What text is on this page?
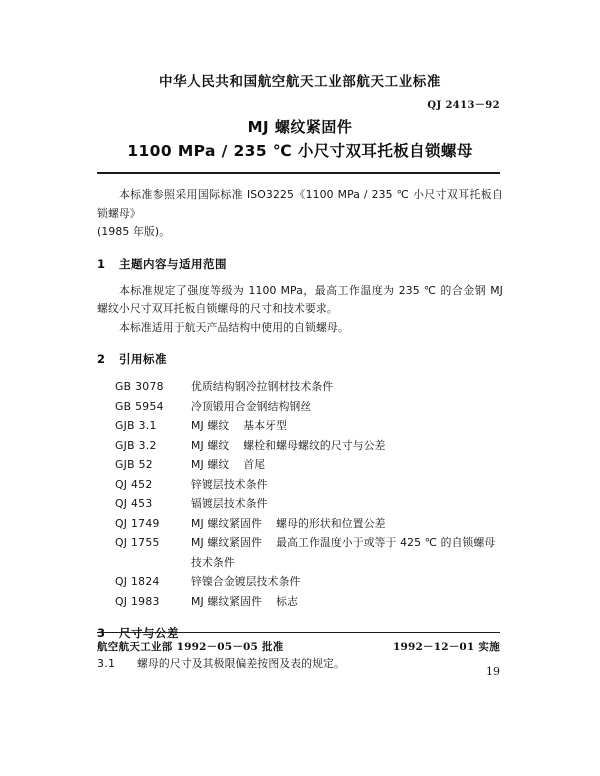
中华人民共和国航空航天工业部航天工业标准
QJ 2413－92
MJ 螺纹紧固件
1100 MPa / 235 ℃ 小尺寸双耳托板自锁螺母

本标准参照采用国际标准 ISO3225《1100 MPa / 235 ℃ 小尺寸双耳托板自锁螺母》

(1985 年版)。

1 主题内容与适用范围

本标准规定了强度等级为 1100 MPa，最高工作温度为 235 ℃ 的合金钢 MJ 螺纹小尺寸双耳托板自锁螺母的尺寸和技术要求。

本标准适用于航天产品结构中使用的自锁螺母。

2 引用标准
GB 3078	优质结构钢冷拉钢材技术条件
GB 5954	冷顶锻用合金钢结构钢丝
GJB 3.1	MJ 螺纹 基本牙型
GJB 3.2	MJ 螺纹 螺栓和螺母螺纹的尺寸与公差
GJB 52	MJ 螺纹 首尾
QJ 452	锌镀层技术条件
QJ 453	镉镀层技术条件
QJ 1749	MJ 螺纹紧固件 螺母的形状和位置公差
QJ 1755	MJ 螺纹紧固件 最高工作温度小于或等于 425 ℃ 的自锁螺母技术条件
QJ 1824	锌镍合金镀层技术条件
QJ 1983	MJ 螺纹紧固件 标志
3.1	螺母的尺寸及其极限偏差按图及表的规定。
航空航天工业部 1992－05－05 批准	1992－12－01 实施
19
